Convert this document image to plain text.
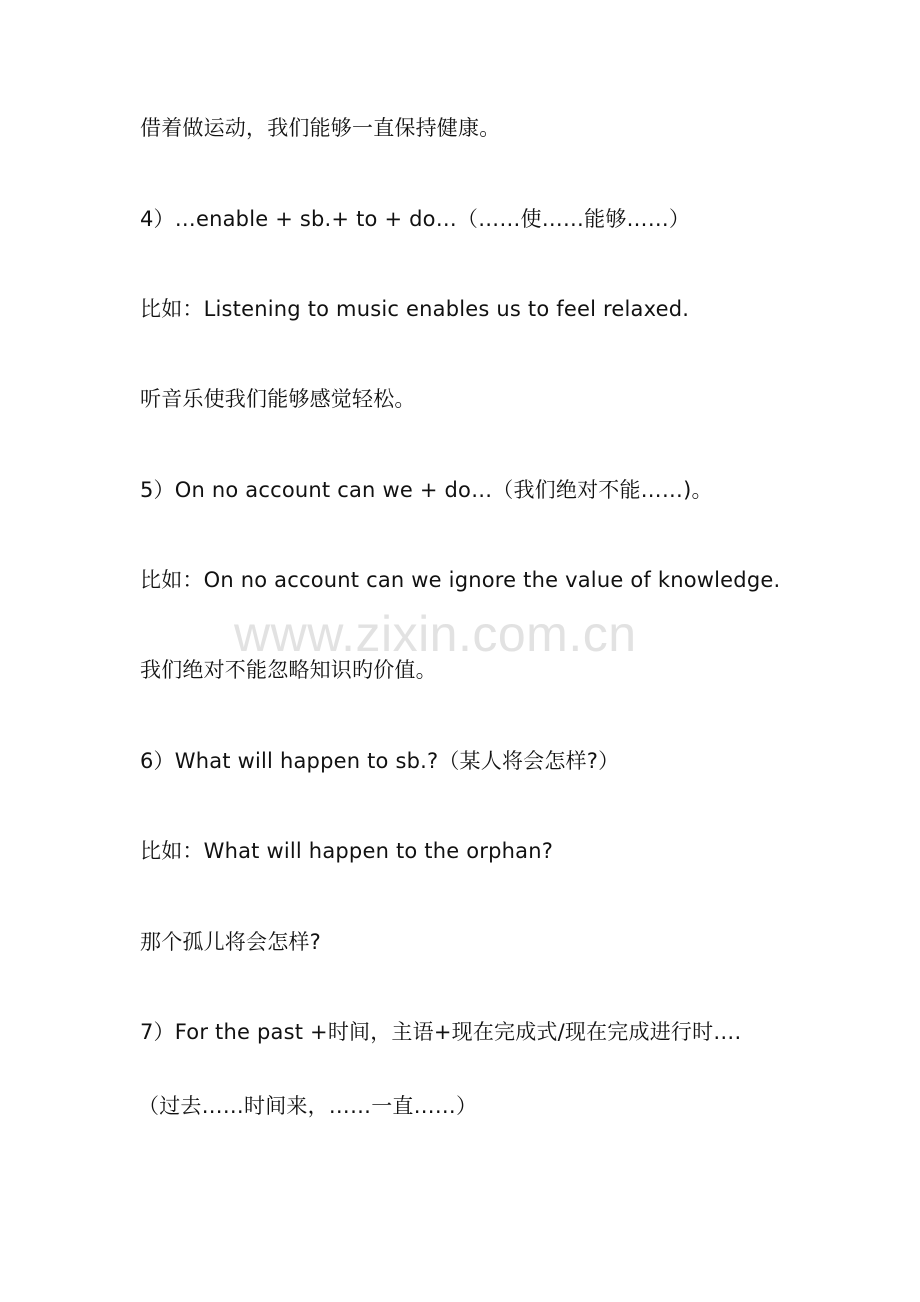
www.zixin.com.cn
借着做运动，我们能够一直保持健康。
4）…enable + sb.+ to + do…（……使……能够……）
比如：Listening to music enables us to feel relaxed.
听音乐使我们能够感觉轻松。
5）On no account can we + do…（我们绝对不能……)。
比如：On no account can we ignore the value of knowledge.
我们绝对不能忽略知识旳价值。
6）What will happen to sb.?（某人将会怎样?）
比如：What will happen to the orphan?
那个孤儿将会怎样?
7）For the past +时间，主语+现在完成式/现在完成进行时….
（过去……时间来，……一直……）
